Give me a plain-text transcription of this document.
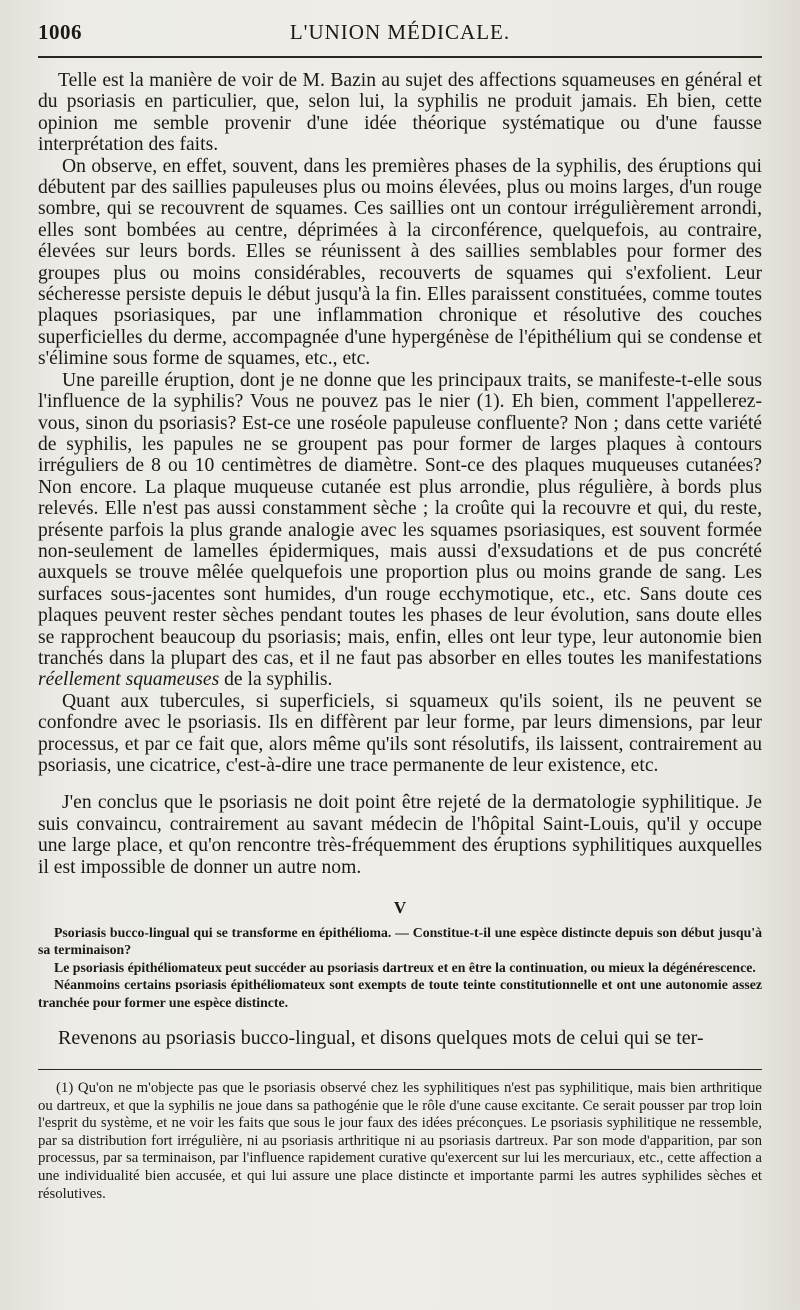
1006	L'UNION MÉDICALE.

Telle est la manière de voir de M. Bazin au sujet des affections squameuses en général et du psoriasis en particulier, que, selon lui, la syphilis ne produit jamais. Eh bien, cette opinion me semble provenir d'une idée théorique systématique ou d'une fausse interprétation des faits.

On observe, en effet, souvent, dans les premières phases de la syphilis, des éruptions qui débutent par des saillies papuleuses plus ou moins élevées, plus ou moins larges, d'un rouge sombre, qui se recouvrent de squames. Ces saillies ont un contour irrégulièrement arrondi, elles sont bombées au centre, déprimées à la circonférence, quelquefois, au contraire, élevées sur leurs bords. Elles se réunissent à des saillies semblables pour former des groupes plus ou moins considérables, recouverts de squames qui s'exfolient. Leur sécheresse persiste depuis le début jusqu'à la fin. Elles paraissent constituées, comme toutes plaques psoriasiques, par une inflammation chronique et résolutive des couches superficielles du derme, accompagnée d'une hypergénèse de l'épithélium qui se condense et s'élimine sous forme de squames, etc., etc.

Une pareille éruption, dont je ne donne que les principaux traits, se manifeste-t-elle sous l'influence de la syphilis? Vous ne pouvez pas le nier (1). Eh bien, comment l'appellerez-vous, sinon du psoriasis? Est-ce une roséole papuleuse confluente? Non ; dans cette variété de syphilis, les papules ne se groupent pas pour former de larges plaques à contours irréguliers de 8 ou 10 centimètres de diamètre. Sont-ce des plaques muqueuses cutanées? Non encore. La plaque muqueuse cutanée est plus arrondie, plus régulière, à bords plus relevés. Elle n'est pas aussi constamment sèche ; la croûte qui la recouvre et qui, du reste, présente parfois la plus grande analogie avec les squames psoriasiques, est souvent formée non-seulement de lamelles épidermiques, mais aussi d'exsudations et de pus concrété auxquels se trouve mêlée quelquefois une proportion plus ou moins grande de sang. Les surfaces sous-jacentes sont humides, d'un rouge ecchymotique, etc., etc. Sans doute ces plaques peuvent rester sèches pendant toutes les phases de leur évolution, sans doute elles se rapprochent beaucoup du psoriasis; mais, enfin, elles ont leur type, leur autonomie bien tranchés dans la plupart des cas, et il ne faut pas absorber en elles toutes les manifestations réellement squameuses de la syphilis.

Quant aux tubercules, si superficiels, si squameux qu'ils soient, ils ne peuvent se confondre avec le psoriasis. Ils en diffèrent par leur forme, par leurs dimensions, par leur processus, et par ce fait que, alors même qu'ils sont résolutifs, ils laissent, contrairement au psoriasis, une cicatrice, c'est-à-dire une trace permanente de leur existence, etc.

J'en conclus que le psoriasis ne doit point être rejeté de la dermatologie syphilitique. Je suis convaincu, contrairement au savant médecin de l'hôpital Saint-Louis, qu'il y occupe une large place, et qu'on rencontre très-fréquemment des éruptions syphilitiques auxquelles il est impossible de donner un autre nom.

V

Psoriasis bucco-lingual qui se transforme en épithélioma. — Constitue-t-il une espèce distincte depuis son début jusqu'à sa terminaison?

Le psoriasis épithéliomateux peut succéder au psoriasis dartreux et en être la continuation, ou mieux la dégénérescence.

Néanmoins certains psoriasis épithéliomateux sont exempts de toute teinte constitutionnelle et ont une autonomie assez tranchée pour former une espèce distincte.

Revenons au psoriasis bucco-lingual, et disons quelques mots de celui qui se ter-

(1) Qu'on ne m'objecte pas que le psoriasis observé chez les syphilitiques n'est pas syphilitique, mais bien arthritique ou dartreux, et que la syphilis ne joue dans sa pathogénie que le rôle d'une cause excitante. Ce serait pousser par trop loin l'esprit du système, et ne voir les faits que sous le jour faux des idées préconçues. Le psoriasis syphilitique ne ressemble, par sa distribution fort irrégulière, ni au psoriasis arthritique ni au psoriasis dartreux. Par son mode d'apparition, par son processus, par sa terminaison, par l'influence rapidement curative qu'exercent sur lui les mercuriaux, etc., cette affection a une individualité bien accusée, et qui lui assure une place distincte et importante parmi les autres syphilides sèches et résolutives.
